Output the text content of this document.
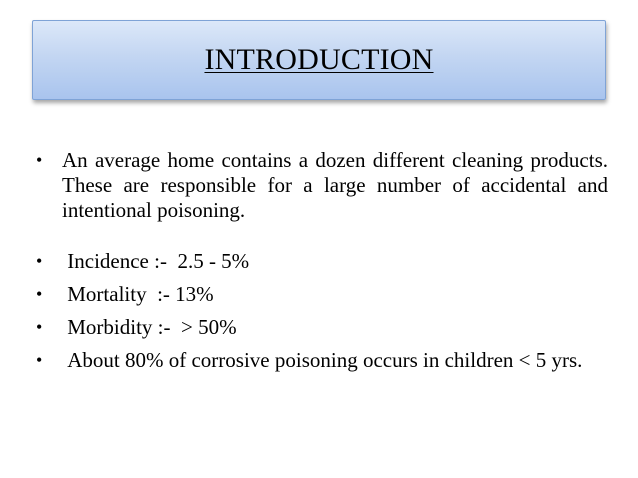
INTRODUCTION
• An average home contains a dozen different cleaning products. These are responsible for a large number of accidental and intentional poisoning.
• Incidence :-  2.5 - 5%
• Mortality  :- 13%
• Morbidity :-  > 50%
• About 80% of corrosive poisoning occurs in children < 5 yrs.
